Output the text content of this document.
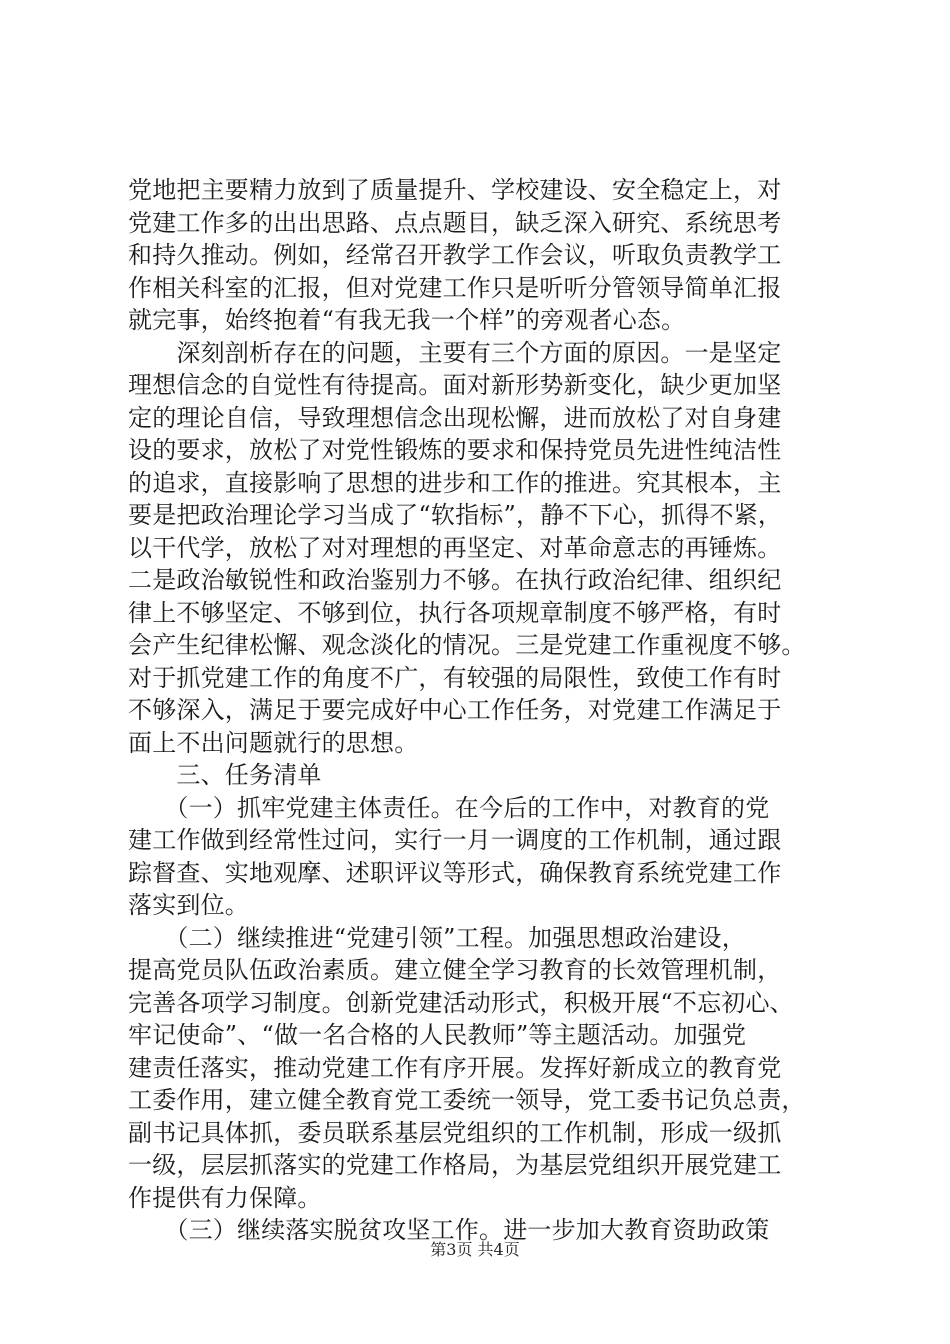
党地把主要精力放到了质量提升、学校建设、安全稳定上，对
党建工作多的出出思路、点点题目，缺乏深入研究、系统思考
和持久推动。例如，经常召开教学工作会议，听取负责教学工
作相关科室的汇报，但对党建工作只是听听分管领导简单汇报
就完事，始终抱着“有我无我一个样”的旁观者心态。
　　深刻剖析存在的问题，主要有三个方面的原因。一是坚定
理想信念的自觉性有待提高。面对新形势新变化，缺少更加坚
定的理论自信，导致理想信念出现松懈，进而放松了对自身建
设的要求，放松了对党性锻炼的要求和保持党员先进性纯洁性
的追求，直接影响了思想的进步和工作的推进。究其根本，主
要是把政治理论学习当成了“软指标”，静不下心，抓得不紧，
以干代学，放松了对对理想的再坚定、对革命意志的再锤炼。
二是政治敏锐性和政治鉴别力不够。在执行政治纪律、组织纪
律上不够坚定、不够到位，执行各项规章制度不够严格，有时
会产生纪律松懈、观念淡化的情况。三是党建工作重视度不够。
对于抓党建工作的角度不广，有较强的局限性，致使工作有时
不够深入，满足于要完成好中心工作任务，对党建工作满足于
面上不出问题就行的思想。
　　三、任务清单
　　（一）抓牢党建主体责任。在今后的工作中，对教育的党
建工作做到经常性过问，实行一月一调度的工作机制，通过跟
踪督查、实地观摩、述职评议等形式，确保教育系统党建工作
落实到位。
　　（二）继续推进“党建引领”工程。加强思想政治建设，
提高党员队伍政治素质。建立健全学习教育的长效管理机制，
完善各项学习制度。创新党建活动形式，积极开展“不忘初心、
牢记使命”、“做一名合格的人民教师”等主题活动。加强党
建责任落实，推动党建工作有序开展。发挥好新成立的教育党
工委作用，建立健全教育党工委统一领导，党工委书记负总责，
副书记具体抓，委员联系基层党组织的工作机制，形成一级抓
一级，层层抓落实的党建工作格局，为基层党组织开展党建工
作提供有力保障。
　　（三）继续落实脱贫攻坚工作。进一步加大教育资助政策
第3页 共4页
